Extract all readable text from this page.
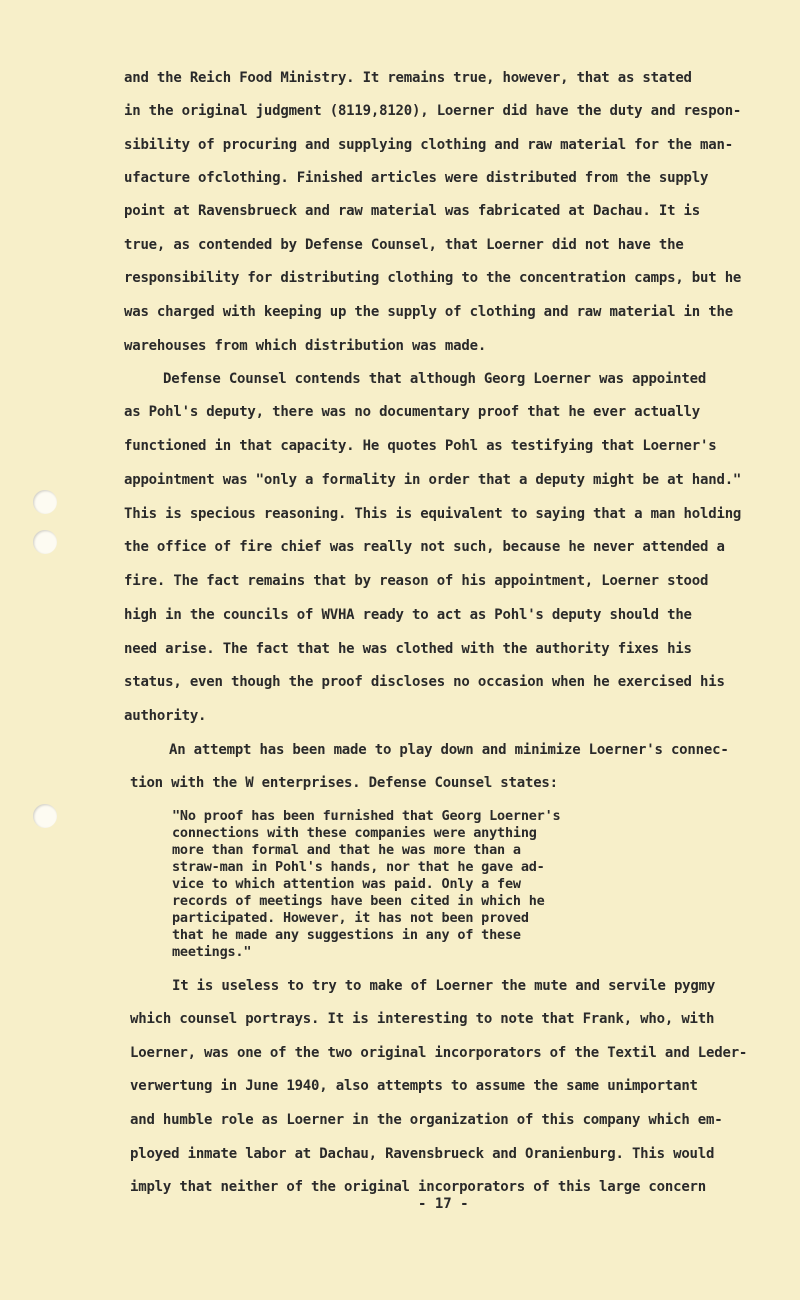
and the Reich Food Ministry. It remains true, however, that as stated
in the original judgment (8119,8120), Loerner did have the duty and respon-
sibility of procuring and supplying clothing and raw material for the man-
ufacture ofclothing. Finished articles were distributed from the supply
point at Ravensbrueck and raw material was fabricated at Dachau. It is
true, as contended by Defense Counsel, that Loerner did not have the
responsibility for distributing clothing to the concentration camps, but he
was charged with keeping up the supply of clothing and raw material in the
warehouses from which distribution was made.
Defense Counsel contends that although Georg Loerner was appointed
as Pohl's deputy, there was no documentary proof that he ever actually
functioned in that capacity. He quotes Pohl as testifying that Loerner's
appointment was "only a formality in order that a deputy might be at hand."
This is specious reasoning. This is equivalent to saying that a man holding
the office of fire chief was really not such, because he never attended a
fire. The fact remains that by reason of his appointment, Loerner stood
high in the councils of WVHA ready to act as Pohl's deputy should the
need arise. The fact that he was clothed with the authority fixes his
status, even though the proof discloses no occasion when he exercised his
authority.
An attempt has been made to play down and minimize Loerner's connec-
tion with the W enterprises. Defense Counsel states:
"No proof has been furnished that Georg Loerner's
connections with these companies were anything
more than formal and that he was more than a
straw-man in Pohl's hands, nor that he gave ad-
vice to which attention was paid. Only a few
records of meetings have been cited in which he
participated. However, it has not been proved
that he made any suggestions in any of these
meetings."
It is useless to try to make of Loerner the mute and servile pygmy
which counsel portrays. It is interesting to note that Frank, who, with
Loerner, was one of the two original incorporators of the Textil and Leder-
verwertung in June 1940, also attempts to assume the same unimportant
and humble role as Loerner in the organization of this company which em-
ployed inmate labor at Dachau, Ravensbrueck and Oranienburg. This would
imply that neither of the original incorporators of this large concern
- 17 -
